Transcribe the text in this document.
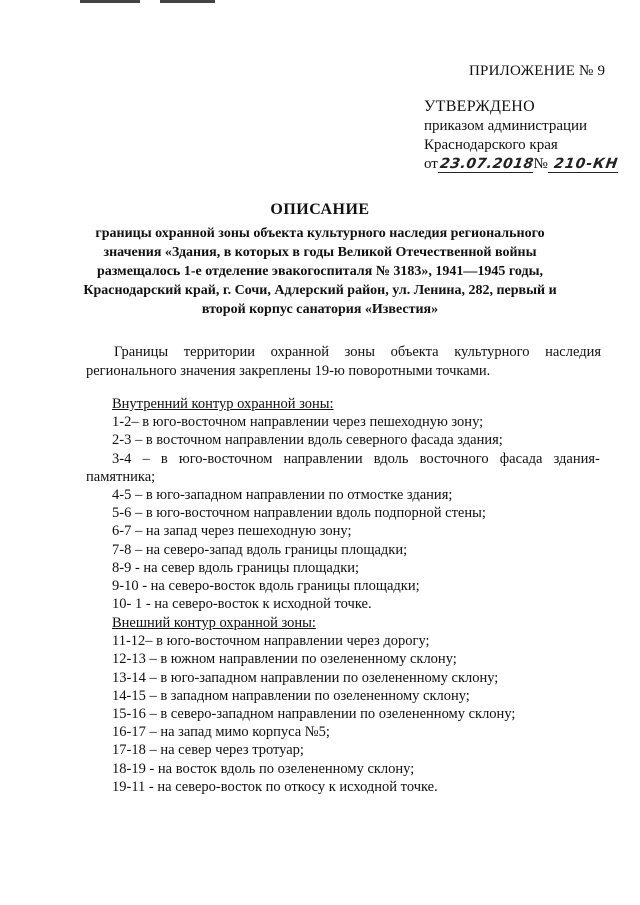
ПРИЛОЖЕНИЕ № 9
УТВЕРЖДЕНО
приказом администрации
Краснодарского края
от23.07.2018№ 210-КН
ОПИСАНИЕ
границы охранной зоны объекта культурного наследия регионального
значения «Здания, в которых в годы Великой Отечественной войны
размещалось 1-е отделение эвакогоспиталя № 3183», 1941—1945 годы,
Краснодарский край, г. Сочи, Адлерский район, ул. Ленина, 282, первый и
второй корпус санатория «Известия»
Границы территории охранной зоны объекта культурного наследия
регионального значения закреплены 19-ю поворотными точками.
Внутренний контур охранной зоны:
1-2– в юго-восточном направлении через пешеходную зону;
2-3 – в восточном направлении вдоль северного фасада здания;
3-4 – в юго-восточном направлении вдоль восточного фасада здания-
памятника;
4-5 – в юго-западном направлении по отмостке здания;
5-6 – в юго-восточном направлении вдоль подпорной стены;
6-7 – на запад через пешеходную зону;
7-8 – на северо-запад вдоль границы площадки;
8-9 - на север вдоль границы площадки;
9-10 - на северо-восток вдоль границы площадки;
10- 1 - на северо-восток к исходной точке.
Внешний контур охранной зоны:
11-12– в юго-восточном направлении через дорогу;
12-13 – в южном направлении по озелененному склону;
13-14 – в юго-западном направлении по озелененному склону;
14-15 – в западном направлении по озелененному склону;
15-16 – в северо-западном направлении по озелененному склону;
16-17 – на запад мимо корпуса №5;
17-18 – на север через тротуар;
18-19 - на восток вдоль по озелененному склону;
19-11 - на северо-восток по откосу к исходной точке.
